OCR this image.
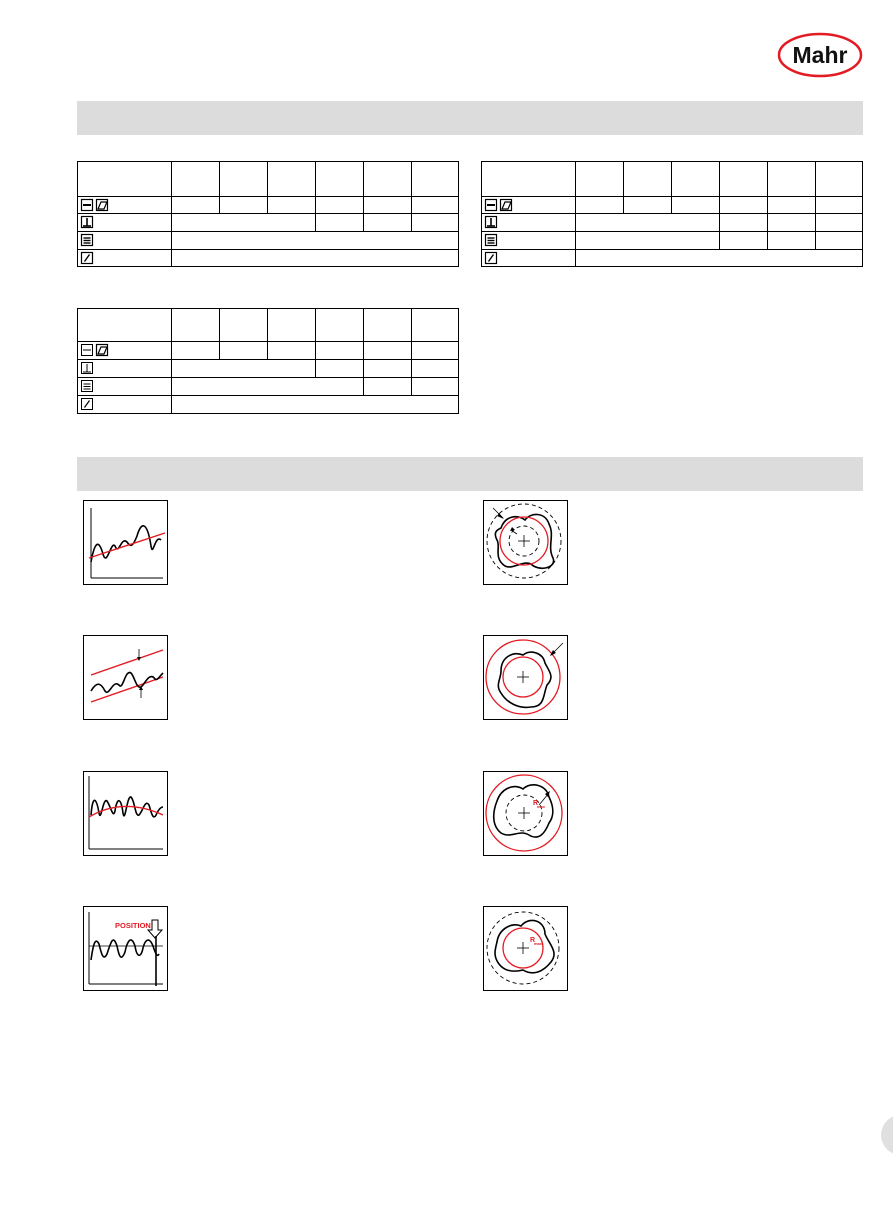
Mahr
POSITION
R
max
R
max
